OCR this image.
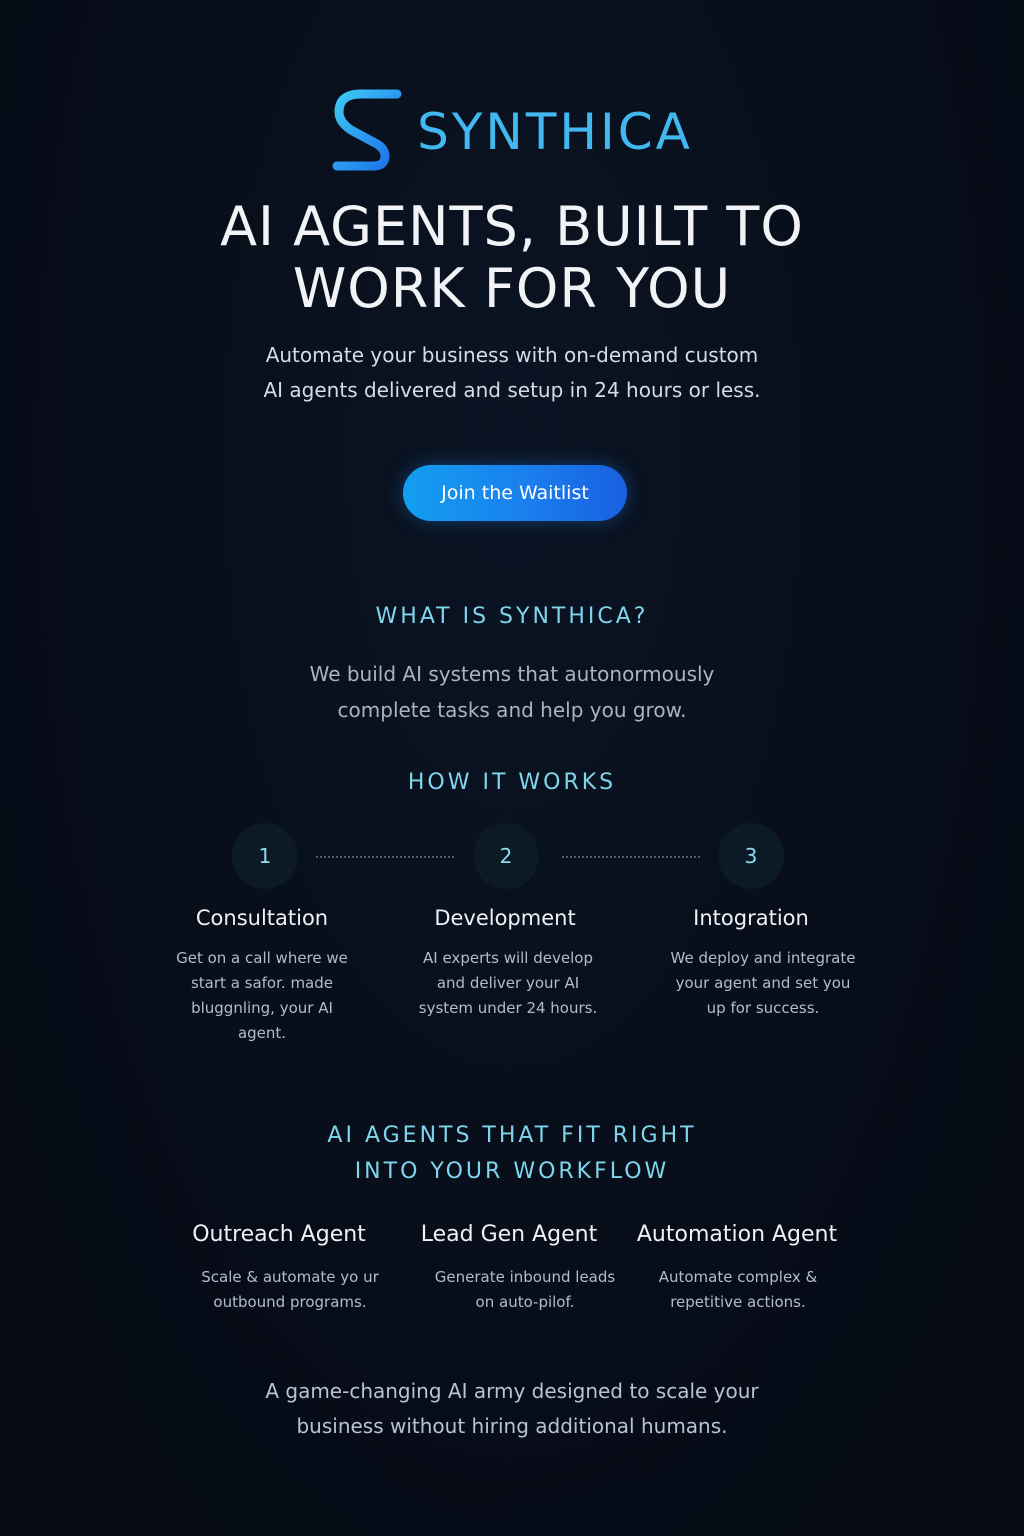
SYNTHICA
AI AGENTS, BUILT TO
WORK FOR YOU

Automate your business with on-demand custom AI agents delivered and setup in 24 hours or less.

Join the Waitlist
WHAT IS SYNTHICA?

We build AI systems that autonormously complete tasks and help you grow.

HOW IT WORKS
1	2	3
Consultation	Development	Intogration

Get on a call where we start a safor. made bluggnling, your AI agent.

AI experts will develop and deliver your AI system under 24 hours.

We deploy and integrate your agent and set you up for success.

AI AGENTS THAT FIT RIGHT
INTO YOUR WORKFLOW
Outreach Agent	Lead Gen Agent	Automation Agent

Scale & automate yo ur outbound programs.

Generate inbound leads on auto-pilof.

Automate complex & repetitive actions.

A game-changing AI army designed to scale your business without hiring additional humans.
